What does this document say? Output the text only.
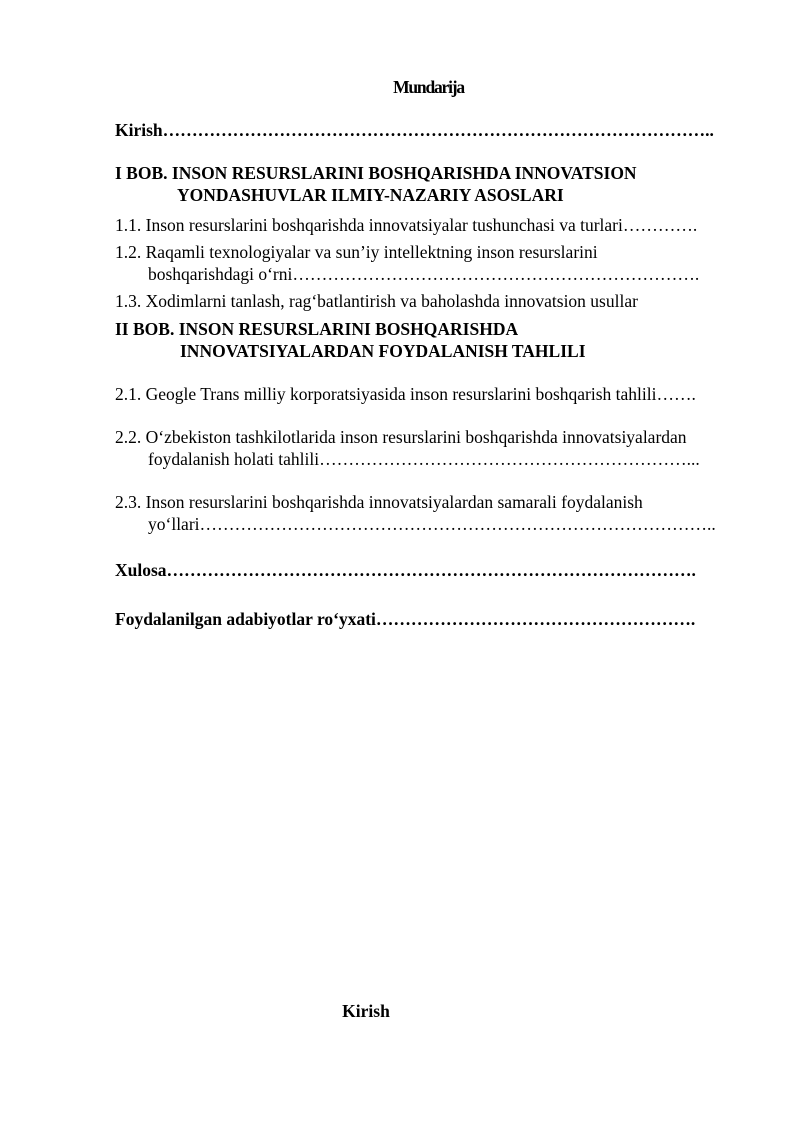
Mundarija
Kirish…………………………………………………………………………………..
I BOB. INSON RESURSLARINI BOSHQARISHDA INNOVATSION
YONDASHUVLAR ILMIY-NAZARIY ASOSLARI
1.1. Inson resurslarini boshqarishda innovatsiyalar tushunchasi va turlari………….
1.2. Raqamli texnologiyalar va sun’iy intellektning inson resurslarini
boshqarishdagi o‘rni…………………………………………………………….
1.3. Xodimlarni tanlash, rag‘batlantirish va baholashda innovatsion usullar
II BOB. INSON RESURSLARINI BOSHQARISHDA
INNOVATSIYALARDAN FOYDALANISH TAHLILI
2.1. Geogle Trans milliy korporatsiyasida inson resurslarini boshqarish tahlili…….
2.2. O‘zbekiston tashkilotlarida inson resurslarini boshqarishda innovatsiyalardan
foydalanish holati tahlili………………………………………………………...
2.3. Inson resurslarini boshqarishda innovatsiyalardan samarali foydalanish
yo‘llari……………………………………………………………………………..
Xulosa……………………………………………………………………………….
Foydalanilgan adabiyotlar ro‘yxati……………………………………………….
Kirish
